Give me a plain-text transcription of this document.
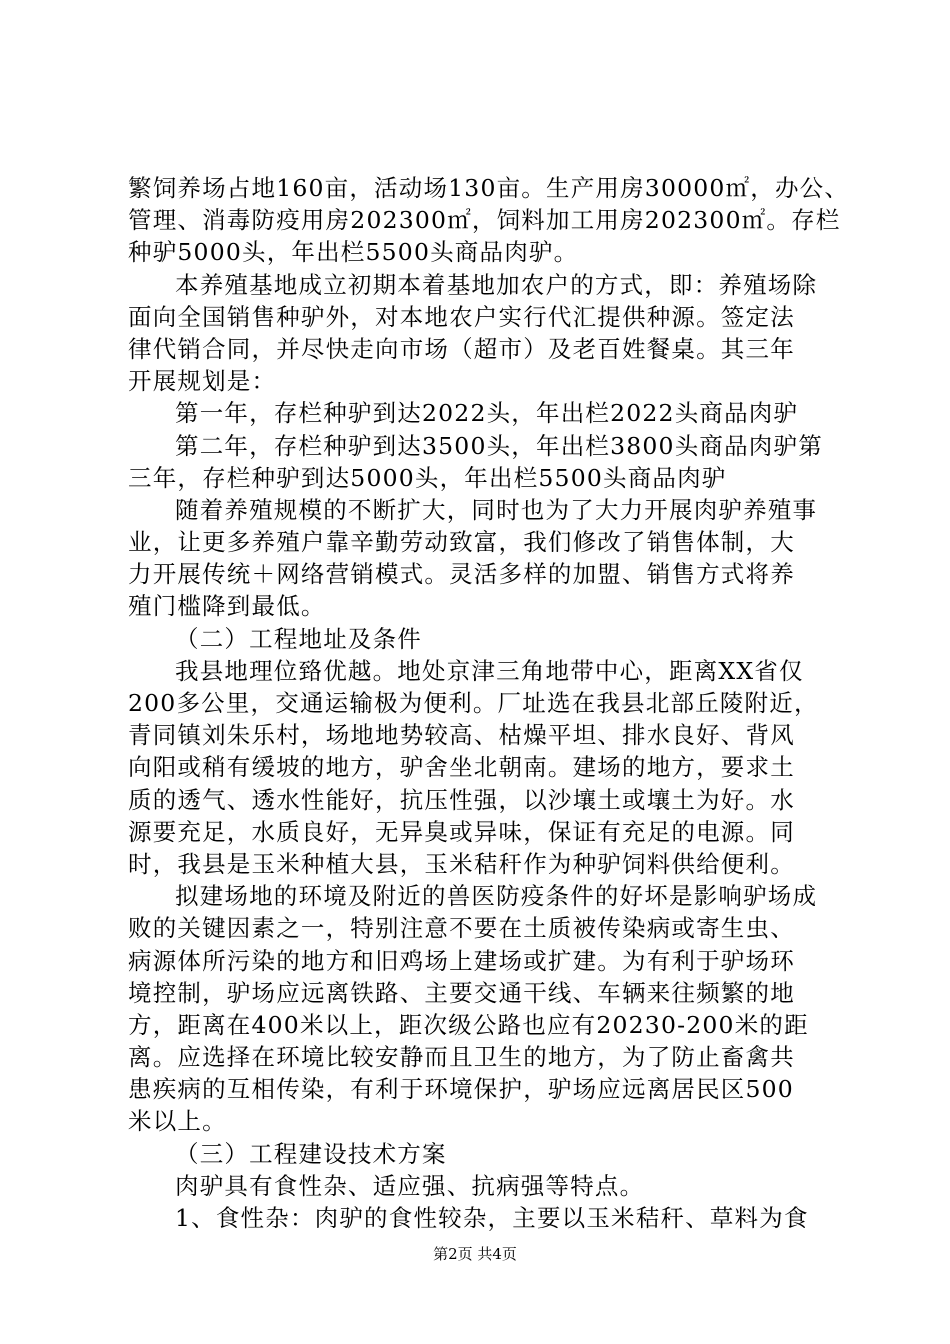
繁饲养场占地160亩，活动场130亩。生产用房30000㎡，办公、
管理、消毒防疫用房202300㎡，饲料加工用房202300㎡。存栏
种驴5000头，年出栏5500头商品肉驴。
本养殖基地成立初期本着基地加农户的方式，即：养殖场除
面向全国销售种驴外，对本地农户实行代汇提供种源。签定法
律代销合同，并尽快走向市场（超市）及老百姓餐桌。其三年
开展规划是：
第一年，存栏种驴到达2022头，年出栏2022头商品肉驴
第二年，存栏种驴到达3500头，年出栏3800头商品肉驴第
三年，存栏种驴到达5000头，年出栏5500头商品肉驴
随着养殖规模的不断扩大，同时也为了大力开展肉驴养殖事
业，让更多养殖户靠辛勤劳动致富，我们修改了销售体制，大
力开展传统＋网络营销模式。灵活多样的加盟、销售方式将养
殖门槛降到最低。
（二）工程地址及条件
我县地理位臵优越。地处京津三角地带中心，距离XX省仅
200多公里，交通运输极为便利。厂址选在我县北部丘陵附近，
青同镇刘朱乐村，场地地势较高、枯燥平坦、排水良好、背风
向阳或稍有缓坡的地方，驴舍坐北朝南。建场的地方，要求土
质的透气、透水性能好，抗压性强，以沙壤土或壤土为好。水
源要充足，水质良好，无异臭或异味，保证有充足的电源。同
时，我县是玉米种植大县，玉米秸秆作为种驴饲料供给便利。
拟建场地的环境及附近的兽医防疫条件的好坏是影响驴场成
败的关键因素之一，特别注意不要在土质被传染病或寄生虫、
病源体所污染的地方和旧鸡场上建场或扩建。为有利于驴场环
境控制，驴场应远离铁路、主要交通干线、车辆来往频繁的地
方，距离在400米以上，距次级公路也应有20230-200米的距
离。应选择在环境比较安静而且卫生的地方，为了防止畜禽共
患疾病的互相传染，有利于环境保护，驴场应远离居民区500
米以上。
（三）工程建设技术方案
肉驴具有食性杂、适应强、抗病强等特点。
1、食性杂：肉驴的食性较杂，主要以玉米秸秆、草料为食
第2页 共4页
